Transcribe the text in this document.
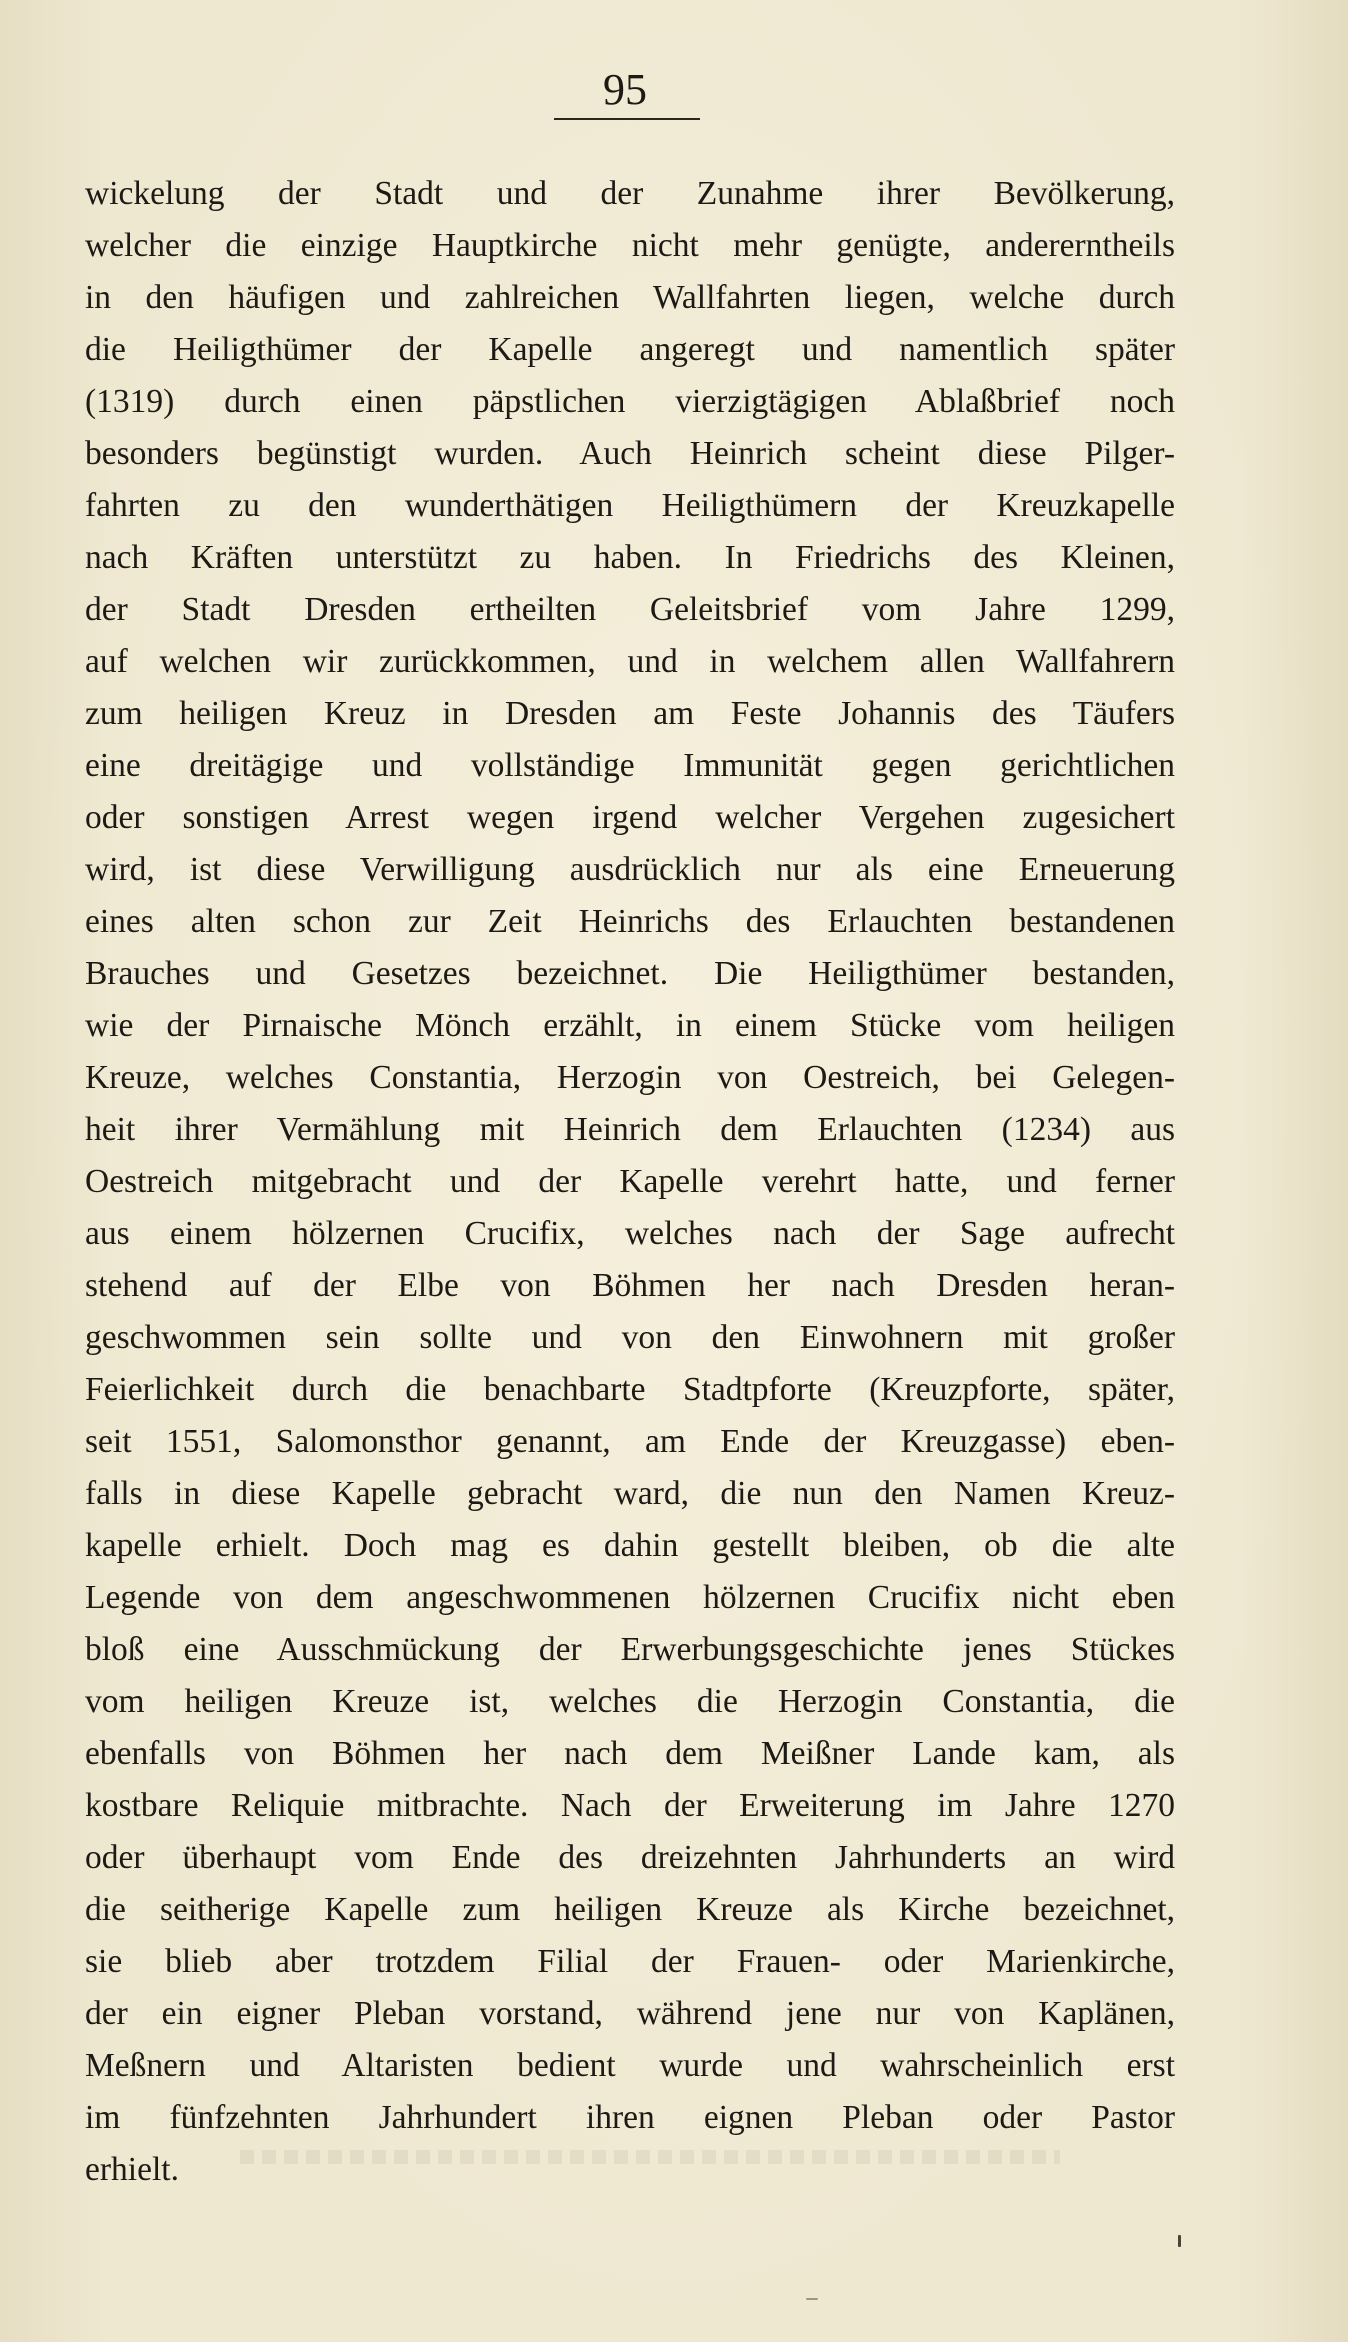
95
wickelung der Stadt und der Zunahme ihrer Bevölkerung,
welcher die einzige Hauptkirche nicht mehr genügte, andererntheils
in den häufigen und zahlreichen Wallfahrten liegen, welche durch
die Heiligthümer der Kapelle angeregt und namentlich später
(1319) durch einen päpstlichen vierzigtägigen Ablaßbrief noch
besonders begünstigt wurden. Auch Heinrich scheint diese Pilger-
fahrten zu den wunderthätigen Heiligthümern der Kreuzkapelle
nach Kräften unterstützt zu haben. In Friedrichs des Kleinen,
der Stadt Dresden ertheilten Geleitsbrief vom Jahre 1299,
auf welchen wir zurückkommen, und in welchem allen Wallfahrern
zum heiligen Kreuz in Dresden am Feste Johannis des Täufers
eine dreitägige und vollständige Immunität gegen gerichtlichen
oder sonstigen Arrest wegen irgend welcher Vergehen zugesichert
wird, ist diese Verwilligung ausdrücklich nur als eine Erneuerung
eines alten schon zur Zeit Heinrichs des Erlauchten bestandenen
Brauches und Gesetzes bezeichnet. Die Heiligthümer bestanden,
wie der Pirnaische Mönch erzählt, in einem Stücke vom heiligen
Kreuze, welches Constantia, Herzogin von Oestreich, bei Gelegen-
heit ihrer Vermählung mit Heinrich dem Erlauchten (1234) aus
Oestreich mitgebracht und der Kapelle verehrt hatte, und ferner
aus einem hölzernen Crucifix, welches nach der Sage aufrecht
stehend auf der Elbe von Böhmen her nach Dresden heran-
geschwommen sein sollte und von den Einwohnern mit großer
Feierlichkeit durch die benachbarte Stadtpforte (Kreuzpforte, später,
seit 1551, Salomonsthor genannt, am Ende der Kreuzgasse) eben-
falls in diese Kapelle gebracht ward, die nun den Namen Kreuz-
kapelle erhielt. Doch mag es dahin gestellt bleiben, ob die alte
Legende von dem angeschwommenen hölzernen Crucifix nicht eben
bloß eine Ausschmückung der Erwerbungsgeschichte jenes Stückes
vom heiligen Kreuze ist, welches die Herzogin Constantia, die
ebenfalls von Böhmen her nach dem Meißner Lande kam, als
kostbare Reliquie mitbrachte. Nach der Erweiterung im Jahre 1270
oder überhaupt vom Ende des dreizehnten Jahrhunderts an wird
die seitherige Kapelle zum heiligen Kreuze als Kirche bezeichnet,
sie blieb aber trotzdem Filial der Frauen- oder Marienkirche,
der ein eigner Pleban vorstand, während jene nur von Kaplänen,
Meßnern und Altaristen bedient wurde und wahrscheinlich erst
im fünfzehnten Jahrhundert ihren eignen Pleban oder Pastor
erhielt.
